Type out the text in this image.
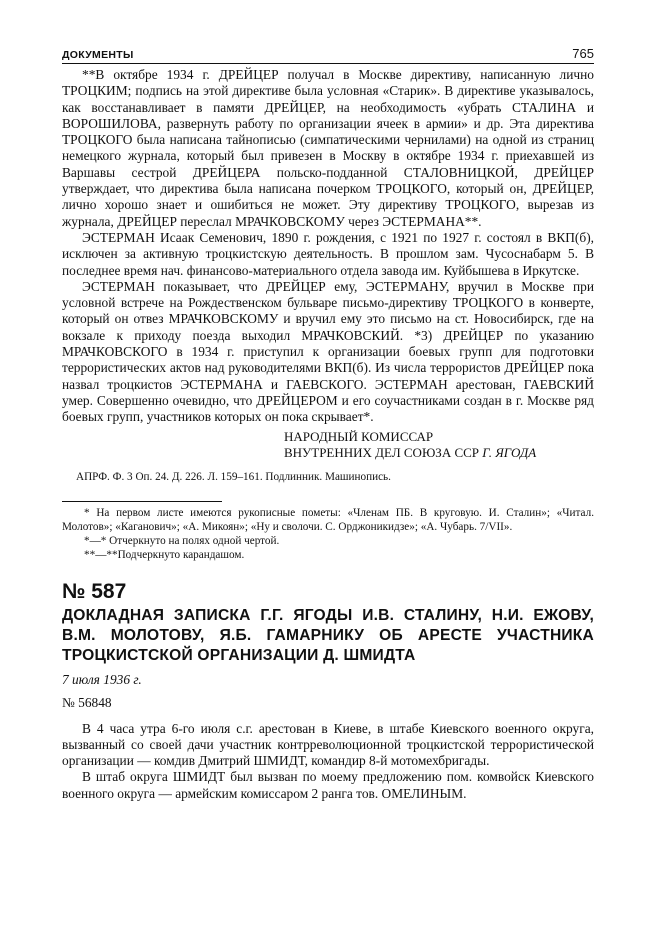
ДОКУМЕНТЫ	765

**В октябре 1934 г. ДРЕЙЦЕР получал в Москве директиву, написанную лично ТРОЦКИМ; подпись на этой директиве была условная «Старик». В директиве указывалось, как восстанавливает в памяти ДРЕЙЦЕР, на необходимость «убрать СТАЛИНА и ВОРОШИЛОВА, развернуть работу по организации ячеек в армии» и др. Эта директива ТРОЦКОГО была написана тайнописью (симпатическими чернилами) на одной из страниц немецкого журнала, который был привезен в Москву в октябре 1934 г. приехавшей из Варшавы сестрой ДРЕЙЦЕРА польско-подданной СТАЛОВНИЦКОЙ, ДРЕЙЦЕР утверждает, что директива была написана почерком ТРОЦКОГО, который он, ДРЕЙЦЕР, лично хорошо знает и ошибиться не может. Эту директиву ТРОЦКОГО, вырезав из журнала, ДРЕЙЦЕР переслал МРАЧКОВСКОМУ через ЭСТЕРМАНА**.

ЭСТЕРМАН Исаак Семенович, 1890 г. рождения, с 1921 по 1927 г. состоял в ВКП(б), исключен за активную троцкистскую деятельность. В прошлом зам. Чусоснабарм 5. В последнее время нач. финансово-материального отдела завода им. Куйбышева в Иркутске.

ЭСТЕРМАН показывает, что ДРЕЙЦЕР ему, ЭСТЕРМАНУ, вручил в Москве при условной встрече на Рождественском бульваре письмо-директиву ТРОЦКОГО в конверте, который он отвез МРАЧКОВСКОМУ и вручил ему это письмо на ст. Новосибирск, где на вокзале к приходу поезда выходил МРАЧКОВСКИЙ. *3) ДРЕЙЦЕР по указанию МРАЧКОВСКОГО в 1934 г. приступил к организации боевых групп для подготовки террористических актов над руководителями ВКП(б). Из числа террористов ДРЕЙЦЕР пока назвал троцкистов ЭСТЕРМАНА и ГАЕВСКОГО. ЭСТЕРМАН арестован, ГАЕВСКИЙ умер. Совершенно очевидно, что ДРЕЙЦЕРОМ и его соучастниками создан в г. Москве ряд боевых групп, участников которых он пока скрывает*.

НАРОДНЫЙ КОМИССАР
ВНУТРЕННИХ ДЕЛ СОЮЗА ССР Г. ЯГОДА
АПРФ. Ф. 3 Оп. 24. Д. 226. Л. 159–161. Подлинник. Машинопись.

* На первом листе имеются рукописные пометы: «Членам ПБ. В круговую. И. Сталин»; «Читал. Молотов»; «Каганович»; «А. Микоян»; «Ну и сволочи. С. Орджоникидзе»; «А. Чубарь. 7/VII».

*—* Отчеркнуто на полях одной чертой.

**—**Подчеркнуто карандашом.

№ 587
ДОКЛАДНАЯ ЗАПИСКА Г.Г. ЯГОДЫ И.В. СТАЛИНУ, Н.И. ЕЖОВУ, В.М. МОЛОТОВУ, Я.Б. ГАМАРНИКУ ОБ АРЕСТЕ УЧАСТНИКА ТРОЦКИСТСКОЙ ОРГАНИЗАЦИИ Д. ШМИДТА
7 июля 1936 г.
№ 56848

В 4 часа утра 6-го июля с.г. арестован в Киеве, в штабе Киевского военного округа, вызванный со своей дачи участник контрреволюционной троцкистской террористической организации — комдив Дмитрий ШМИДТ, командир 8-й мотомехбригады.

В штаб округа ШМИДТ был вызван по моему предложению пом. комвойск Киевского военного округа — армейским комиссаром 2 ранга тов. ОМЕЛИНЫМ.
